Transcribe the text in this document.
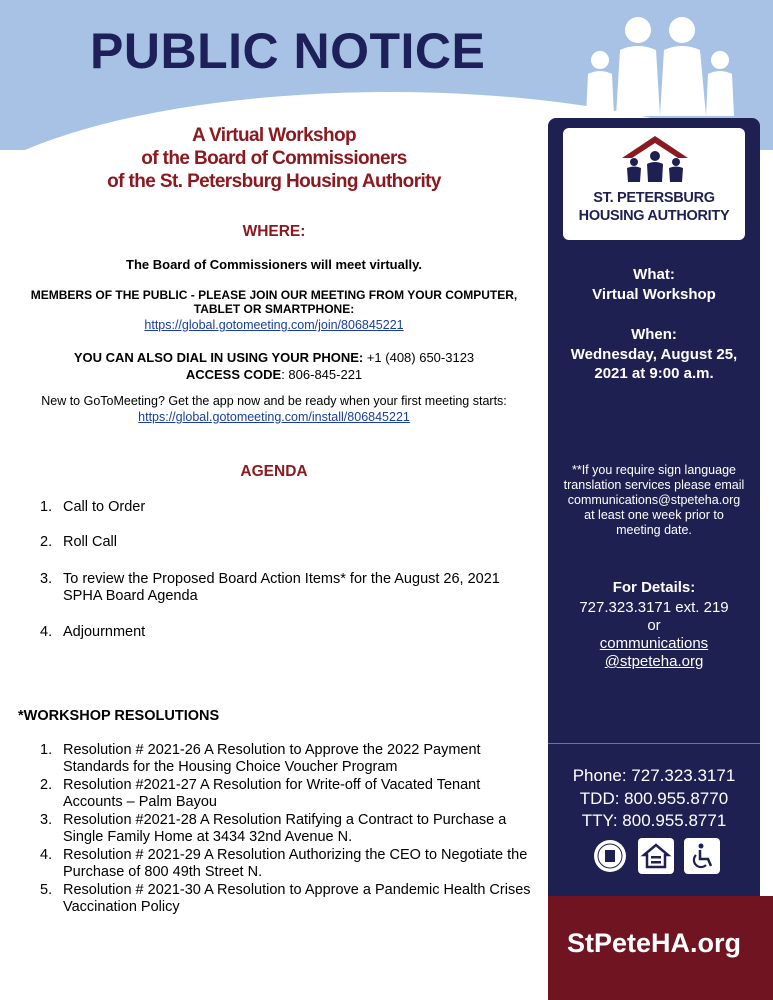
PUBLIC NOTICE
ST. PETERSBURG
HOUSING AUTHORITY
What:
Virtual Workshop
When:
Wednesday, August 25,
2021 at 9:00 a.m.
**If you require sign language
translation services please email
communications@stpeteha.org
at least one week prior to
meeting date.
For Details:
727.323.3171 ext. 219
or
communications
@stpeteha.org
Phone: 727.323.3171
TDD: 800.955.8770
TTY: 800.955.8771
StPeteHA.org
A Virtual Workshop
of the Board of Commissioners
of the St. Petersburg Housing Authority
WHERE:
The Board of Commissioners will meet virtually.
MEMBERS OF THE PUBLIC - PLEASE JOIN OUR MEETING FROM YOUR COMPUTER,
TABLET OR SMARTPHONE:
https://global.gotomeeting.com/join/806845221
YOU CAN ALSO DIAL IN USING YOUR PHONE: +1 (408) 650-3123
ACCESS CODE: 806-845-221
New to GoToMeeting? Get the app now and be ready when your first meeting starts:
https://global.gotomeeting.com/install/806845221
AGENDA
1. Call to Order
2. Roll Call
3. To review the Proposed Board Action Items* for the August 26, 2021 SPHA Board Agenda
4. Adjournment
*WORKSHOP RESOLUTIONS
1. Resolution # 2021-26 A Resolution to Approve the 2022 Payment Standards for the Housing Choice Voucher Program
2. Resolution #2021-27 A Resolution for Write-off of Vacated Tenant Accounts – Palm Bayou
3. Resolution #2021-28 A Resolution Ratifying a Contract to Purchase a Single Family Home at 3434 32nd Avenue N.
4. Resolution # 2021-29 A Resolution Authorizing the CEO to Negotiate the Purchase of 800 49th Street N.
5. Resolution # 2021-30 A Resolution to Approve a Pandemic Health Crises Vaccination Policy
